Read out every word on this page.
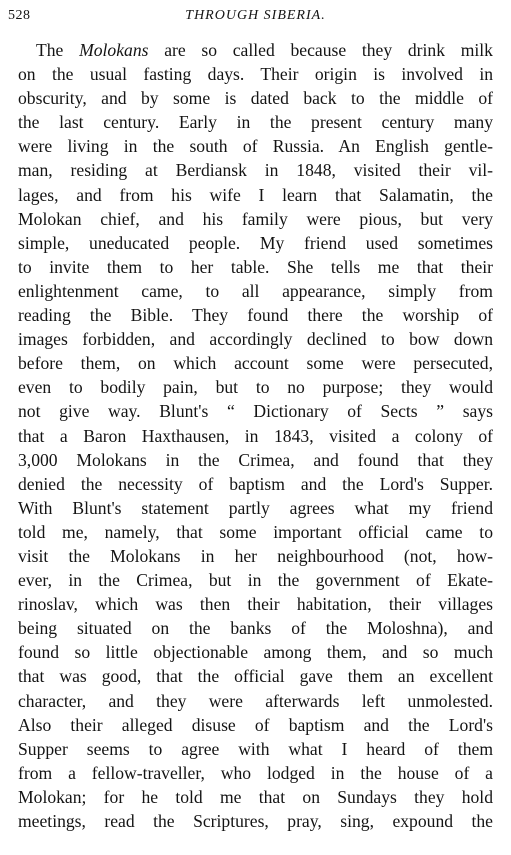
528	THROUGH SIBERIA.
The Molokans are so called because they drink milk
on the usual fasting days. Their origin is involved in
obscurity, and by some is dated back to the middle of
the last century. Early in the present century many
were living in the south of Russia. An English gentle-
man, residing at Berdiansk in 1848, visited their vil-
lages, and from his wife I learn that Salamatin, the
Molokan chief, and his family were pious, but very
simple, uneducated people. My friend used sometimes
to invite them to her table. She tells me that their
enlightenment came, to all appearance, simply from
reading the Bible. They found there the worship of
images forbidden, and accordingly declined to bow down
before them, on which account some were persecuted,
even to bodily pain, but to no purpose; they would
not give way. Blunt's “ Dictionary of Sects ” says
that a Baron Haxthausen, in 1843, visited a colony of
3,000 Molokans in the Crimea, and found that they
denied the necessity of baptism and the Lord's Supper.
With Blunt's statement partly agrees what my friend
told me, namely, that some important official came to
visit the Molokans in her neighbourhood (not, how-
ever, in the Crimea, but in the government of Ekate-
rinoslav, which was then their habitation, their villages
being situated on the banks of the Moloshna), and
found so little objectionable among them, and so much
that was good, that the official gave them an excellent
character, and they were afterwards left unmolested.
Also their alleged disuse of baptism and the Lord's
Supper seems to agree with what I heard of them
from a fellow-traveller, who lodged in the house of a
Molokan; for he told me that on Sundays they hold
meetings, read the Scriptures, pray, sing, expound the
